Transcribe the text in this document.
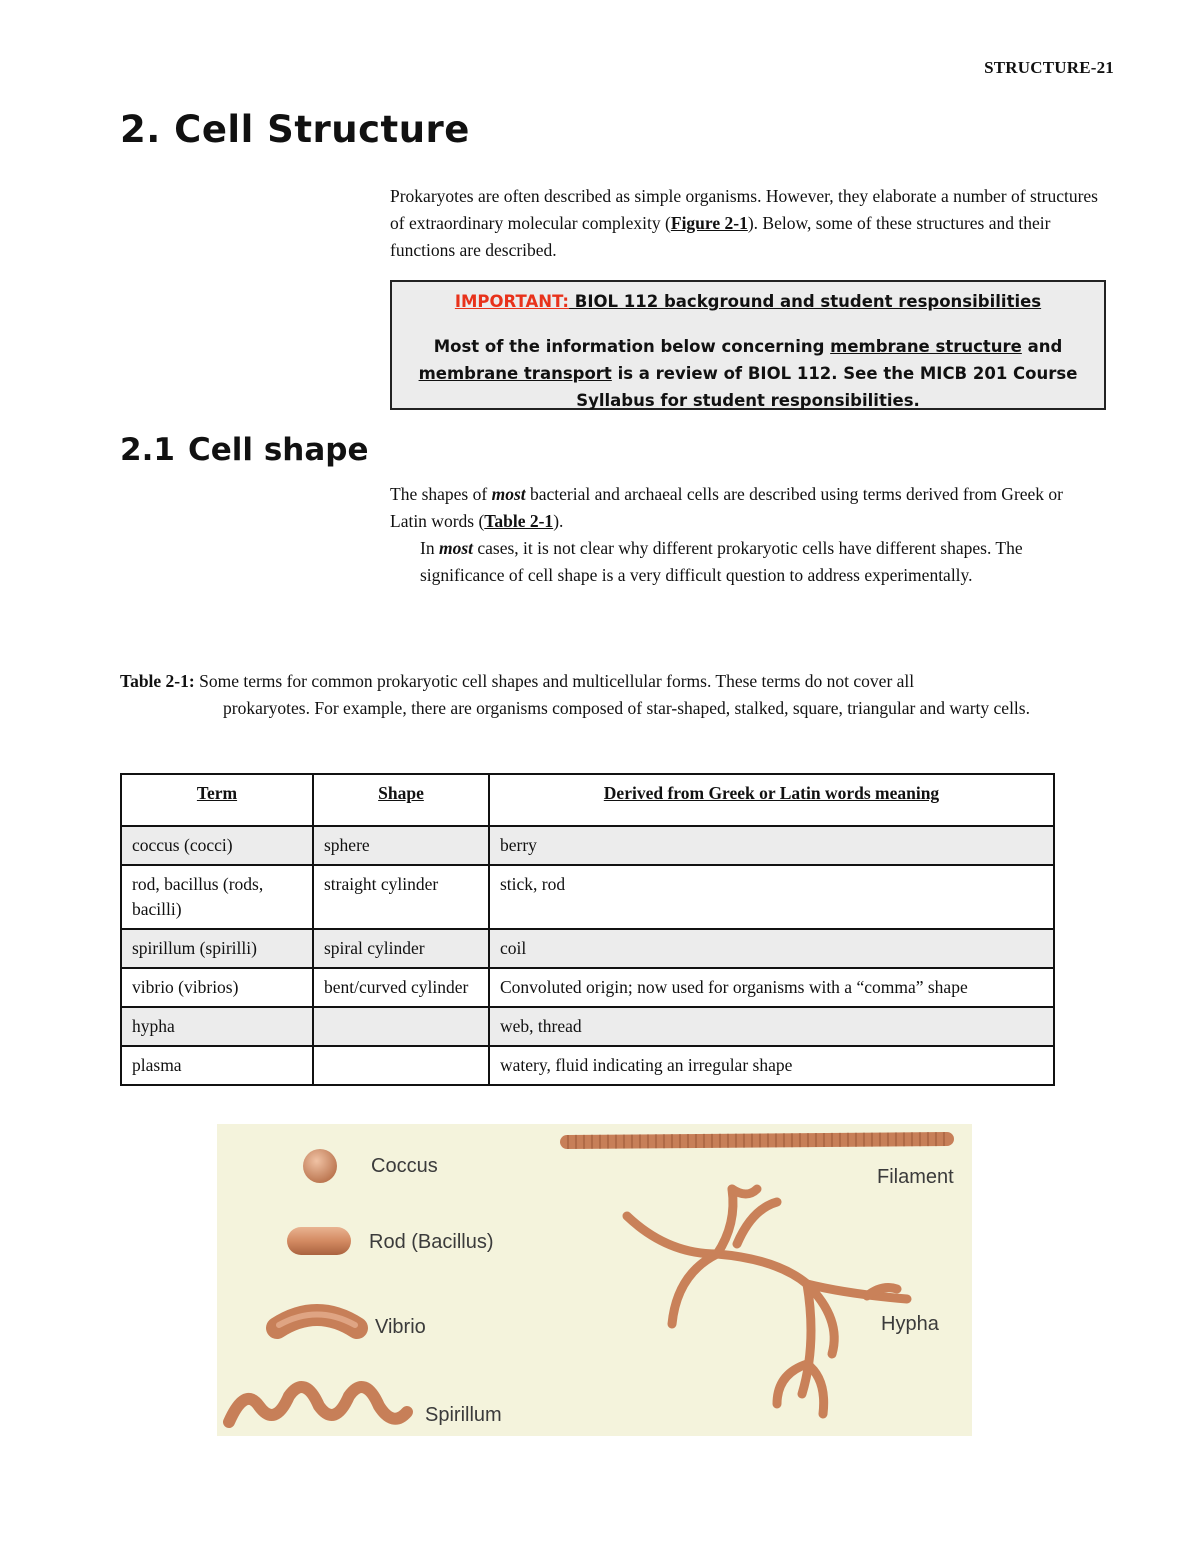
STRUCTURE-21
2. Cell Structure

Prokaryotes are often described as simple organisms. However, they elaborate a number of structures of extraordinary molecular complexity (Figure 2-1). Below, some of these structures and their functions are described.

IMPORTANT: BIOL 112 background and student responsibilities
Most of the information below concerning membrane structure and membrane transport is a review of BIOL 112. See the MICB 201 Course Syllabus for student responsibilities.
2.1 Cell shape

The shapes of most bacterial and archaeal cells are described using terms derived from Greek or Latin words (Table 2-1).

In most cases, it is not clear why different prokaryotic cells have different shapes. The significance of cell shape is a very difficult question to address experimentally.

Table 2-1: Some terms for common prokaryotic cell shapes and multicellular forms. These terms do not cover all
prokaryotes. For example, there are organisms composed of star-shaped, stalked, square, triangular and warty cells.
Term	Shape	Derived from Greek or Latin words meaning
coccus (cocci)	sphere	berry
rod, bacillus (rods, bacilli)	straight cylinder	stick, rod
spirillum (spirilli)	spiral cylinder	coil
vibrio (vibrios)	bent/curved cylinder	Convoluted origin; now used for organisms with a “comma” shape
hypha		web, thread
plasma		watery, fluid indicating an irregular shape
Coccus
Rod (Bacillus)
Vibrio
Spirillum
Filament
Hypha
